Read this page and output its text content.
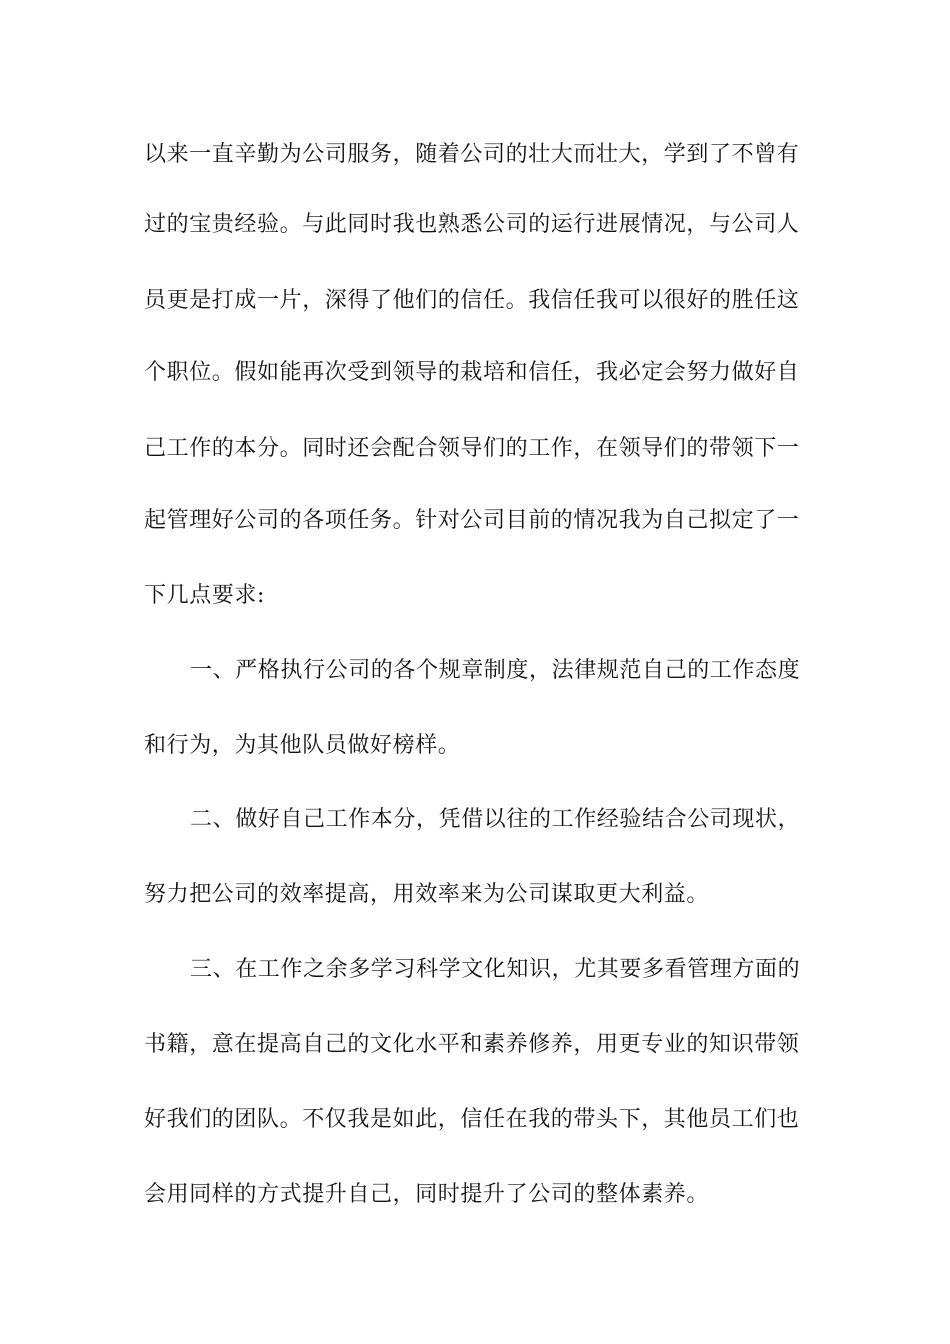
以来一直辛勤为公司服务，随着公司的壮大而壮大，学到了不曾有
过的宝贵经验。与此同时我也熟悉公司的运行进展情况，与公司人
员更是打成一片，深得了他们的信任。我信任我可以很好的胜任这
个职位。假如能再次受到领导的栽培和信任，我必定会努力做好自
己工作的本分。同时还会配合领导们的工作，在领导们的带领下一
起管理好公司的各项任务。针对公司目前的情况我为自己拟定了一
下几点要求:
一、严格执行公司的各个规章制度，法律规范自己的工作态度
和行为，为其他队员做好榜样。
二、做好自己工作本分，凭借以往的工作经验结合公司现状，
努力把公司的效率提高，用效率来为公司谋取更大利益。
三、在工作之余多学习科学文化知识，尤其要多看管理方面的
书籍，意在提高自己的文化水平和素养修养，用更专业的知识带领
好我们的团队。不仅我是如此，信任在我的带头下，其他员工们也
会用同样的方式提升自己，同时提升了公司的整体素养。
